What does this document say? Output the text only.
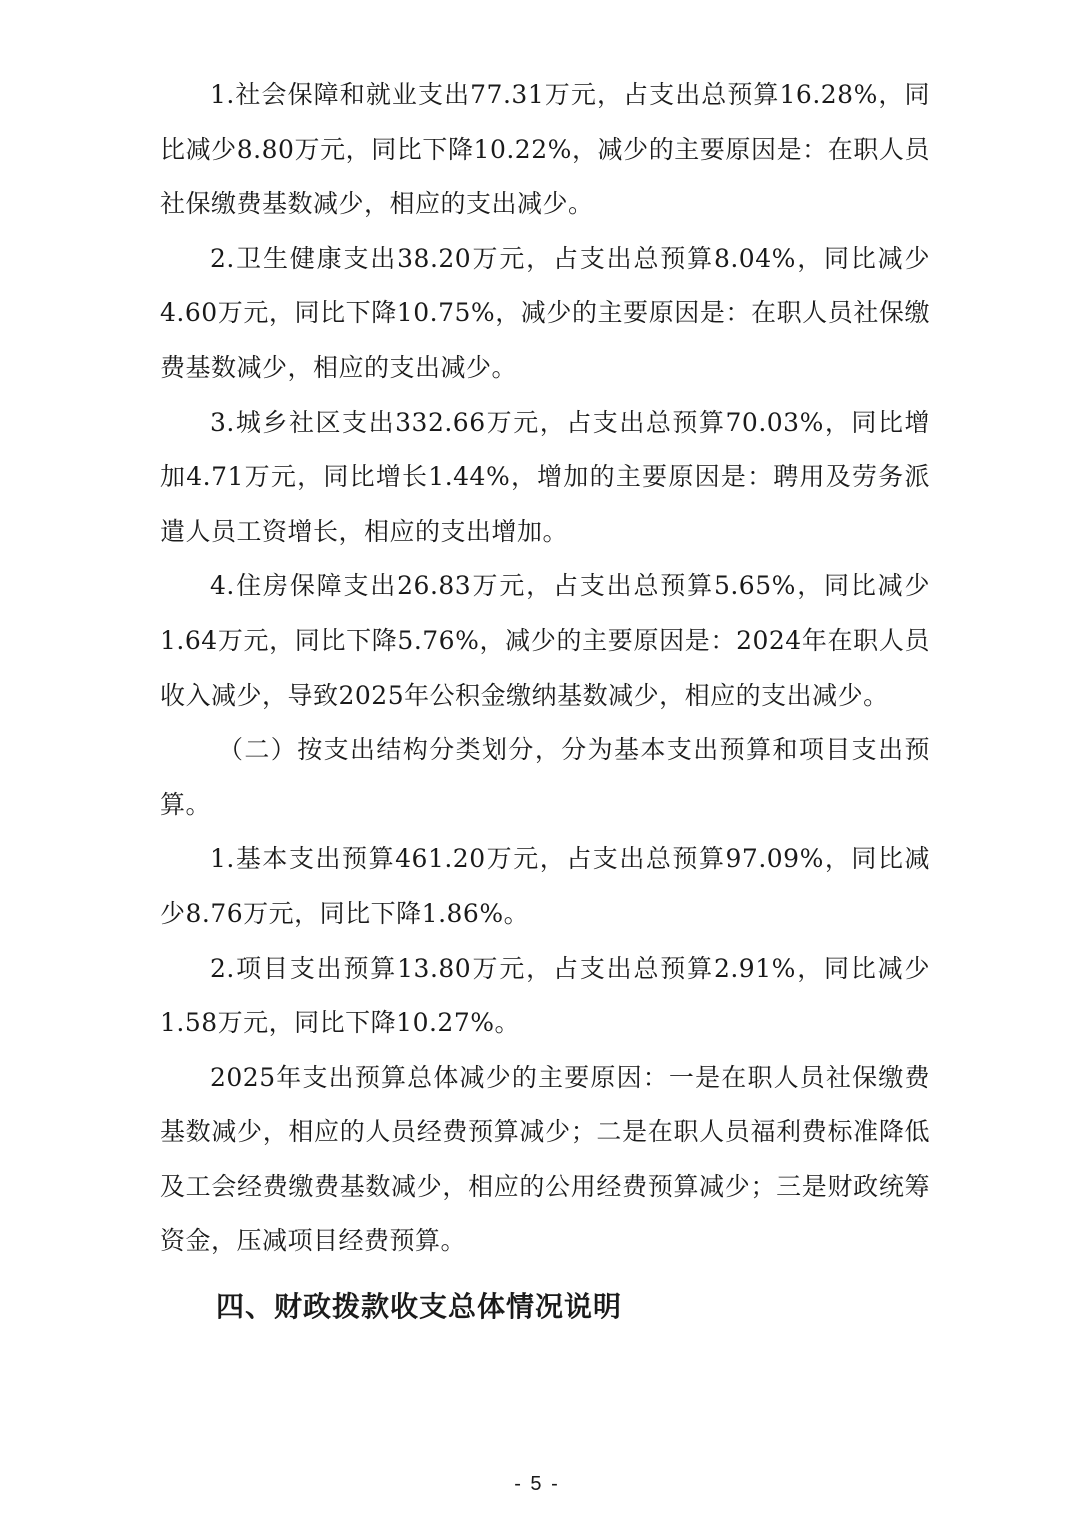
1.社会保障和就业支出77.31万元，占支出总预算16.28%，同比减少8.80万元，同比下降10.22%，减少的主要原因是：在职人员社保缴费基数减少，相应的支出减少。

2.卫生健康支出38.20万元，占支出总预算8.04%，同比减少4.60万元，同比下降10.75%，减少的主要原因是：在职人员社保缴费基数减少，相应的支出减少。

3.城乡社区支出332.66万元，占支出总预算70.03%，同比增加4.71万元，同比增长1.44%，增加的主要原因是：聘用及劳务派遣人员工资增长，相应的支出增加。

4.住房保障支出26.83万元，占支出总预算5.65%，同比减少1.64万元，同比下降5.76%，减少的主要原因是：2024年在职人员收入减少，导致2025年公积金缴纳基数减少，相应的支出减少。

（二）按支出结构分类划分，分为基本支出预算和项目支出预算。

1.基本支出预算461.20万元，占支出总预算97.09%，同比减少8.76万元，同比下降1.86%。

2.项目支出预算13.80万元，占支出总预算2.91%，同比减少1.58万元，同比下降10.27%。

2025年支出预算总体减少的主要原因：一是在职人员社保缴费基数减少，相应的人员经费预算减少；二是在职人员福利费标准降低及工会经费缴费基数减少，相应的公用经费预算减少；三是财政统筹资金，压减项目经费预算。

四、财政拨款收支总体情况说明
- 5 -
